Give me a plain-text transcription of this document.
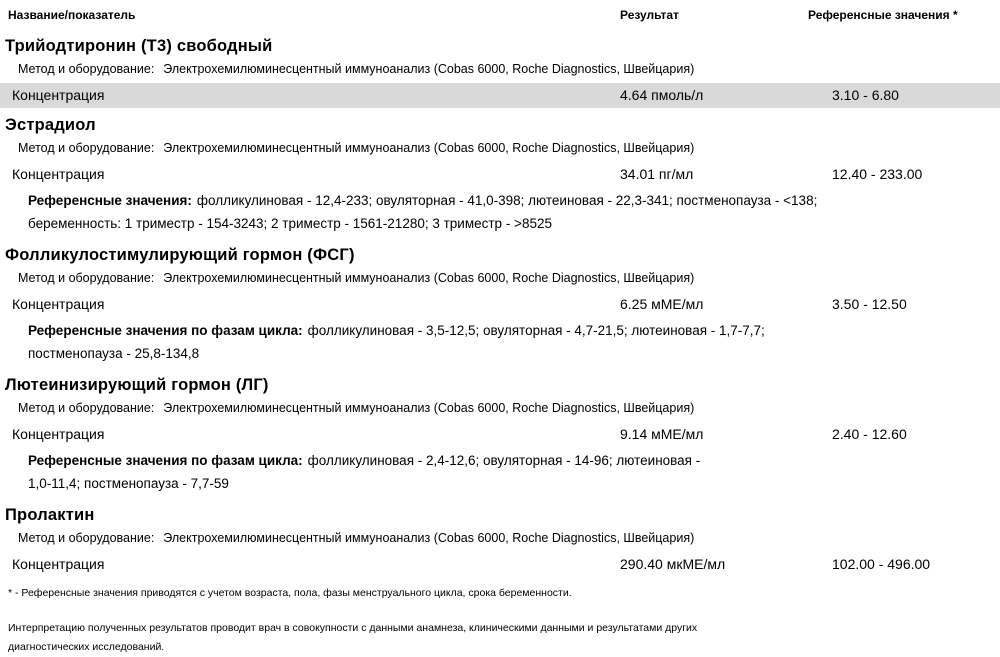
Название/показатель	Результат	Референсные значения *
Трийодтиронин (Т3) свободный
Метод и оборудование: Электрохемилюминесцентный иммуноанализ (Cobas 6000, Roche Diagnostics, Швейцария)
Концентрация	4.64 пмоль/л	3.10 - 6.80
Эстрадиол
Метод и оборудование: Электрохемилюминесцентный иммуноанализ (Cobas 6000, Roche Diagnostics, Швейцария)
Концентрация	34.01 пг/мл	12.40 - 233.00
Референсные значения: фолликулиновая - 12,4-233; овуляторная - 41,0-398; лютеиновая - 22,3-341; постменопауза - <138; беременность: 1 триместр - 154-3243; 2 триместр - 1561-21280; 3 триместр - >8525
Фолликулостимулирующий гормон (ФСГ)
Метод и оборудование: Электрохемилюминесцентный иммуноанализ (Cobas 6000, Roche Diagnostics, Швейцария)
Концентрация	6.25 мМЕ/мл	3.50 - 12.50
Референсные значения по фазам цикла: фолликулиновая - 3,5-12,5; овуляторная - 4,7-21,5; лютеиновая - 1,7-7,7; постменопауза - 25,8-134,8
Лютеинизирующий гормон (ЛГ)
Метод и оборудование: Электрохемилюминесцентный иммуноанализ (Cobas 6000, Roche Diagnostics, Швейцария)
Концентрация	9.14 мМЕ/мл	2.40 - 12.60
Референсные значения по фазам цикла: фолликулиновая - 2,4-12,6; овуляторная - 14-96; лютеиновая - 1,0-11,4; постменопауза - 7,7-59
Пролактин
Метод и оборудование: Электрохемилюминесцентный иммуноанализ (Cobas 6000, Roche Diagnostics, Швейцария)
Концентрация	290.40 мкМЕ/мл	102.00 - 496.00
* - Референсные значения приводятся с учетом возраста, пола, фазы менструального цикла, срока беременности.
Интерпретацию полученных результатов проводит врач в совокупности с данными анамнеза, клиническими данными и результатами других диагностических исследований.
